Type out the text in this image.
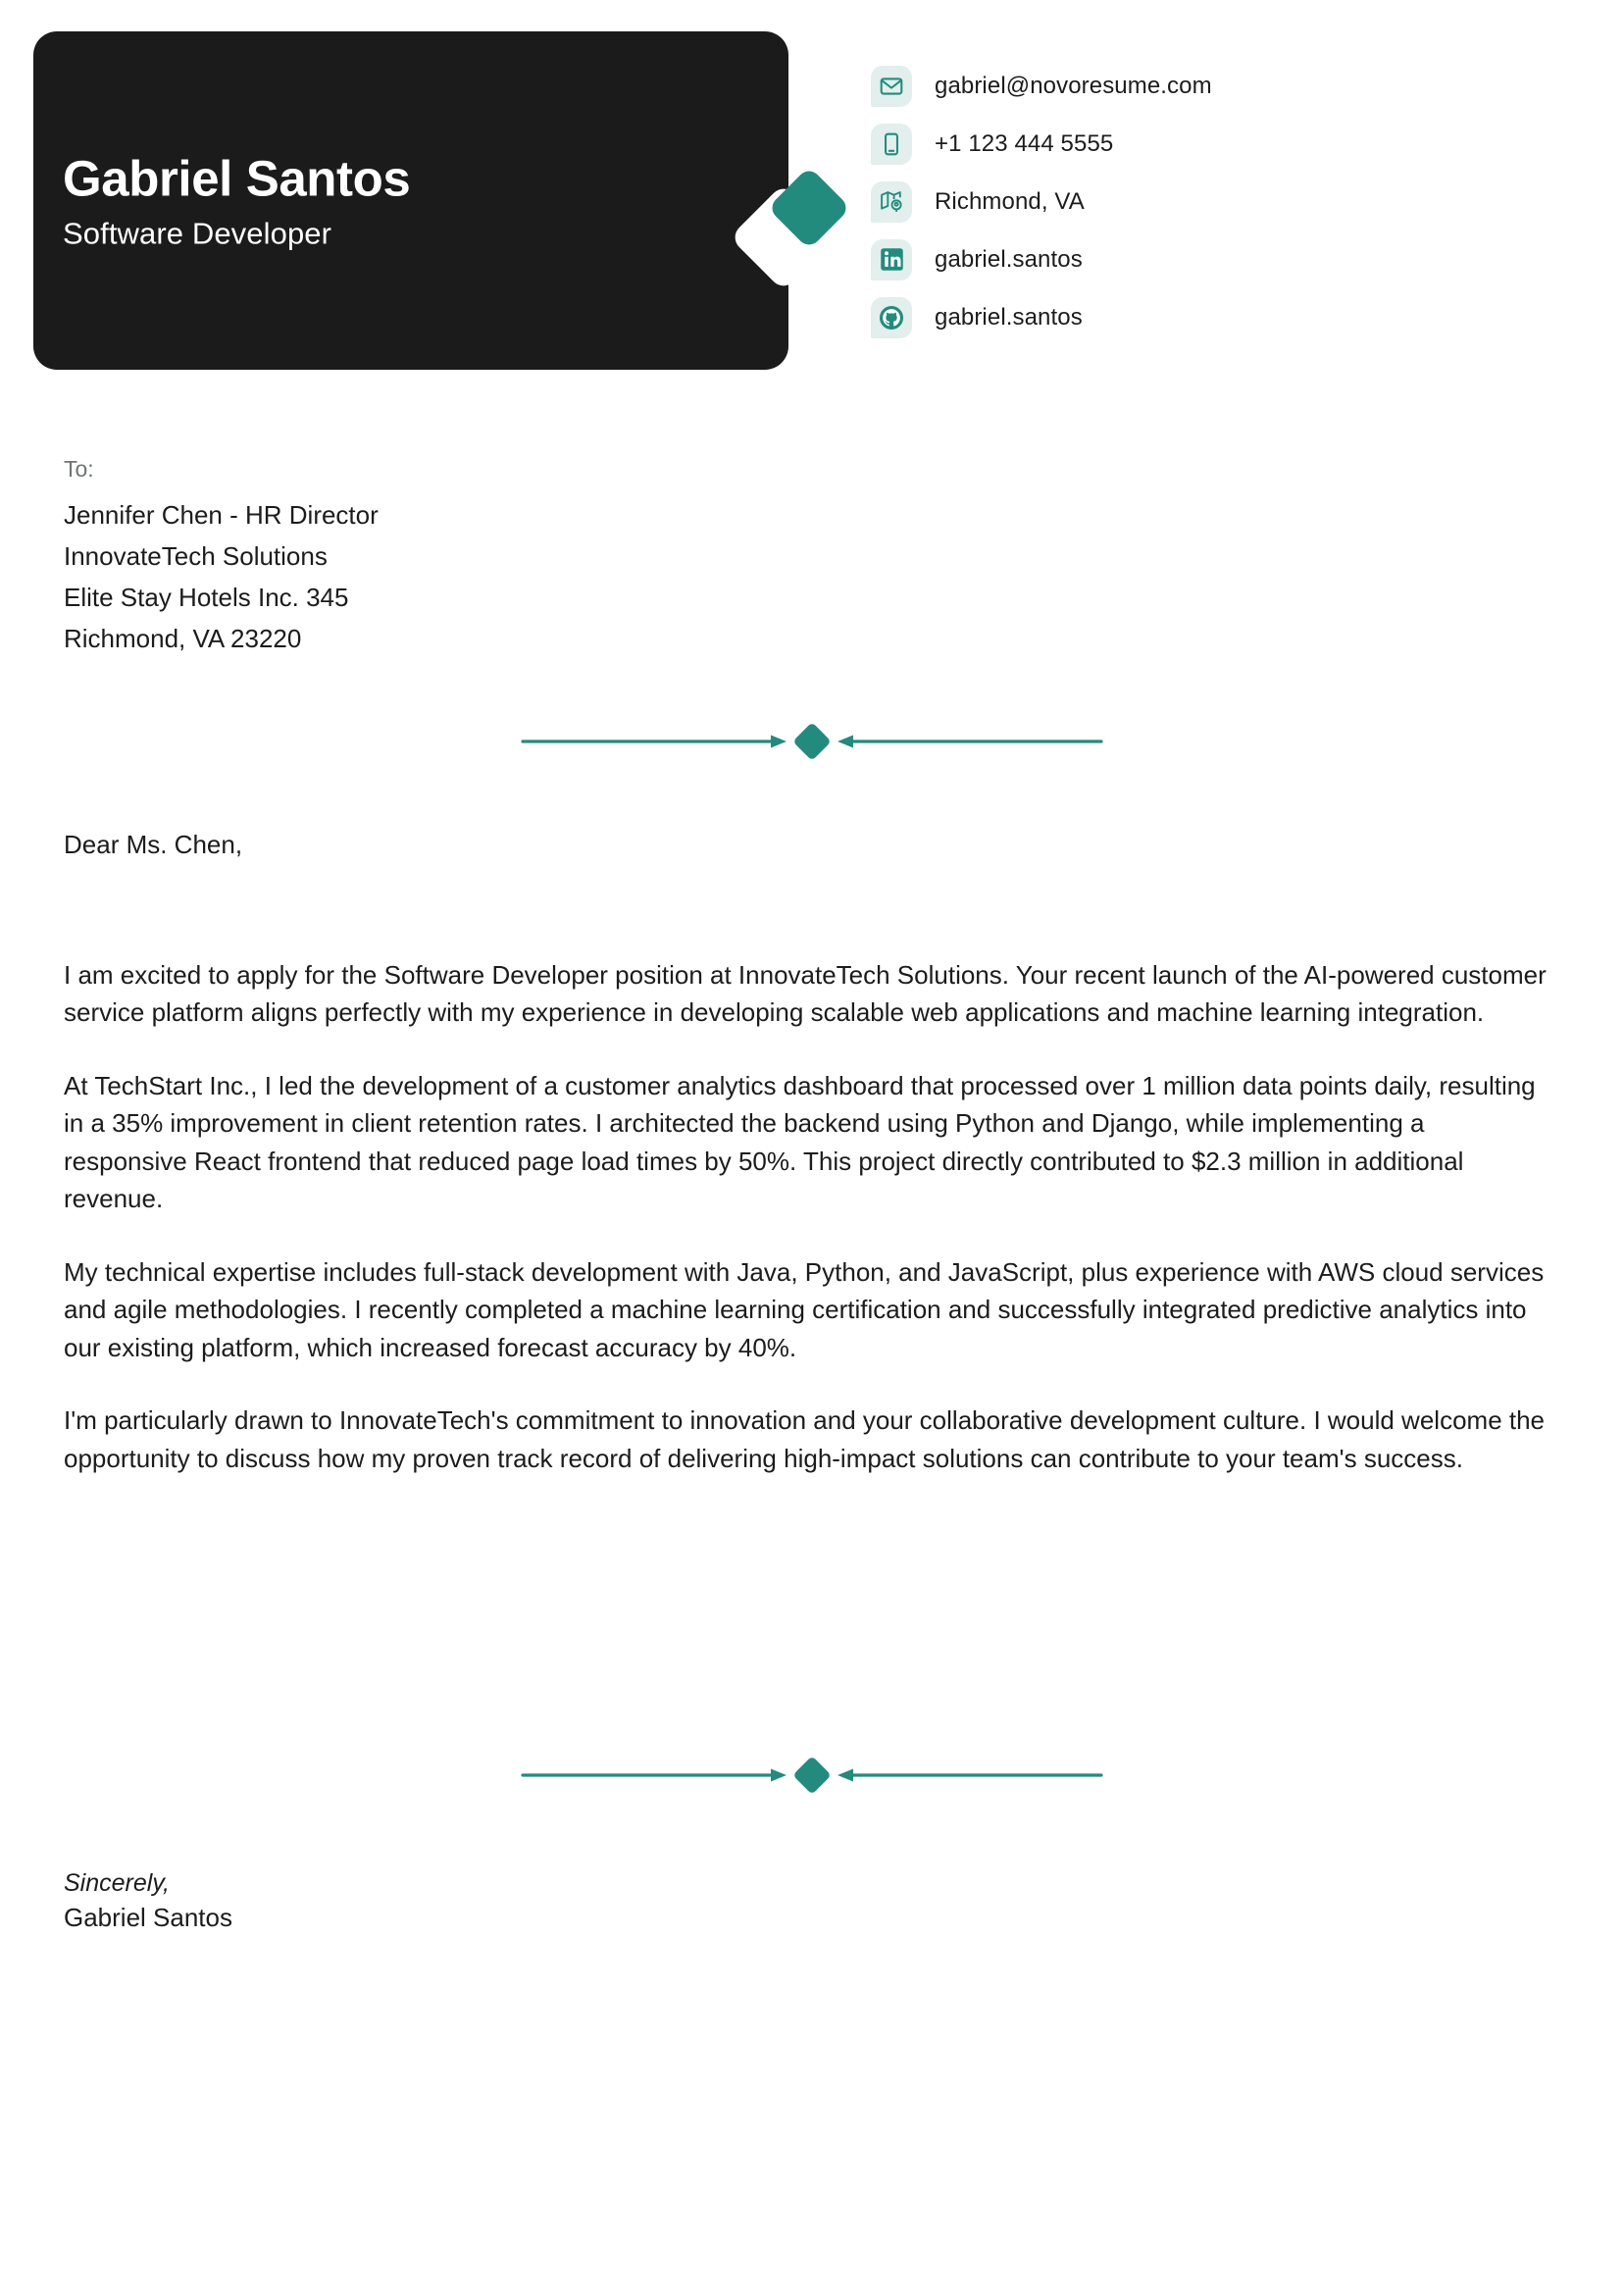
Gabriel Santos
Software Developer
gabriel@novoresume.com
+1 123 444 5555
Richmond, VA
gabriel.santos
gabriel.santos
To:
Jennifer Chen - HR Director
InnovateTech Solutions
Elite Stay Hotels Inc. 345
Richmond, VA 23220

Dear Ms. Chen,

I am excited to apply for the Software Developer position at InnovateTech Solutions. Your recent launch of the AI-powered customer service platform aligns perfectly with my experience in developing scalable web applications and machine learning integration.

At TechStart Inc., I led the development of a customer analytics dashboard that processed over 1 million data points daily, resulting in a 35% improvement in client retention rates. I architected the backend using Python and Django, while implementing a responsive React frontend that reduced page load times by 50%. This project directly contributed to $2.3 million in additional revenue.

My technical expertise includes full-stack development with Java, Python, and JavaScript, plus experience with AWS cloud services and agile methodologies. I recently completed a machine learning certification and successfully integrated predictive analytics into our existing platform, which increased forecast accuracy by 40%.

I'm particularly drawn to InnovateTech's commitment to innovation and your collaborative development culture. I would welcome the opportunity to discuss how my proven track record of delivering high-impact solutions can contribute to your team's success.

Sincerely,
Gabriel Santos
